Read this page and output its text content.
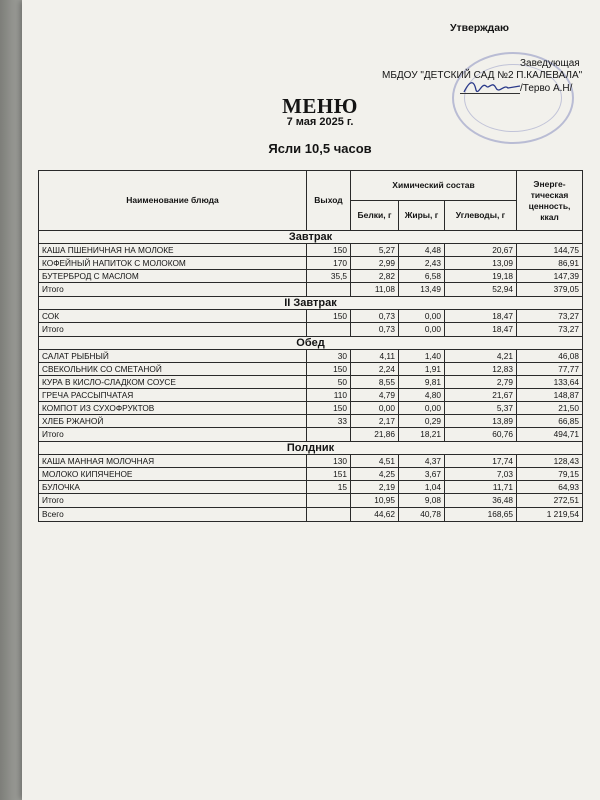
Утверждаю
Заведующая
МБДОУ "ДЕТСКИЙ САД №2 П.КАЛЕВАЛА"
/Терво А.Н/
МЕНЮ
7 мая 2025 г.
Ясли 10,5 часов
Наименование блюда	Выход	Химический состав			Энерге-тическая ценность, ккал
		Белки, г	Жиры, г	Углеводы, г	
Завтрак					
КАША ПШЕНИЧНАЯ НА МОЛОКЕ	150	5,27	4,48	20,67	144,75
КОФЕЙНЫЙ НАПИТОК С МОЛОКОМ	170	2,99	2,43	13,09	86,91
БУТЕРБРОД С МАСЛОМ	35,5	2,82	6,58	19,18	147,39
Итого		11,08	13,49	52,94	379,05
II Завтрак					
СОК	150	0,73	0,00	18,47	73,27
Итого		0,73	0,00	18,47	73,27
Обед					
САЛАТ РЫБНЫЙ	30	4,11	1,40	4,21	46,08
СВЕКОЛЬНИК СО СМЕТАНОЙ	150	2,24	1,91	12,83	77,77
КУРА В КИСЛО-СЛАДКОМ СОУСЕ	50	8,55	9,81	2,79	133,64
ГРЕЧА РАССЫПЧАТАЯ	110	4,79	4,80	21,67	148,87
КОМПОТ ИЗ СУХОФРУКТОВ	150	0,00	0,00	5,37	21,50
ХЛЕБ РЖАНОЙ	33	2,17	0,29	13,89	66,85
Итого		21,86	18,21	60,76	494,71
Полдник					
КАША МАННАЯ МОЛОЧНАЯ	130	4,51	4,37	17,74	128,43
МОЛОКО КИПЯЧЕНОЕ	151	4,25	3,67	7,03	79,15
БУЛОЧКА	15	2,19	1,04	11,71	64,93
Итого		10,95	9,08	36,48	272,51
Всего		44,62	40,78	168,65	1 219,54
